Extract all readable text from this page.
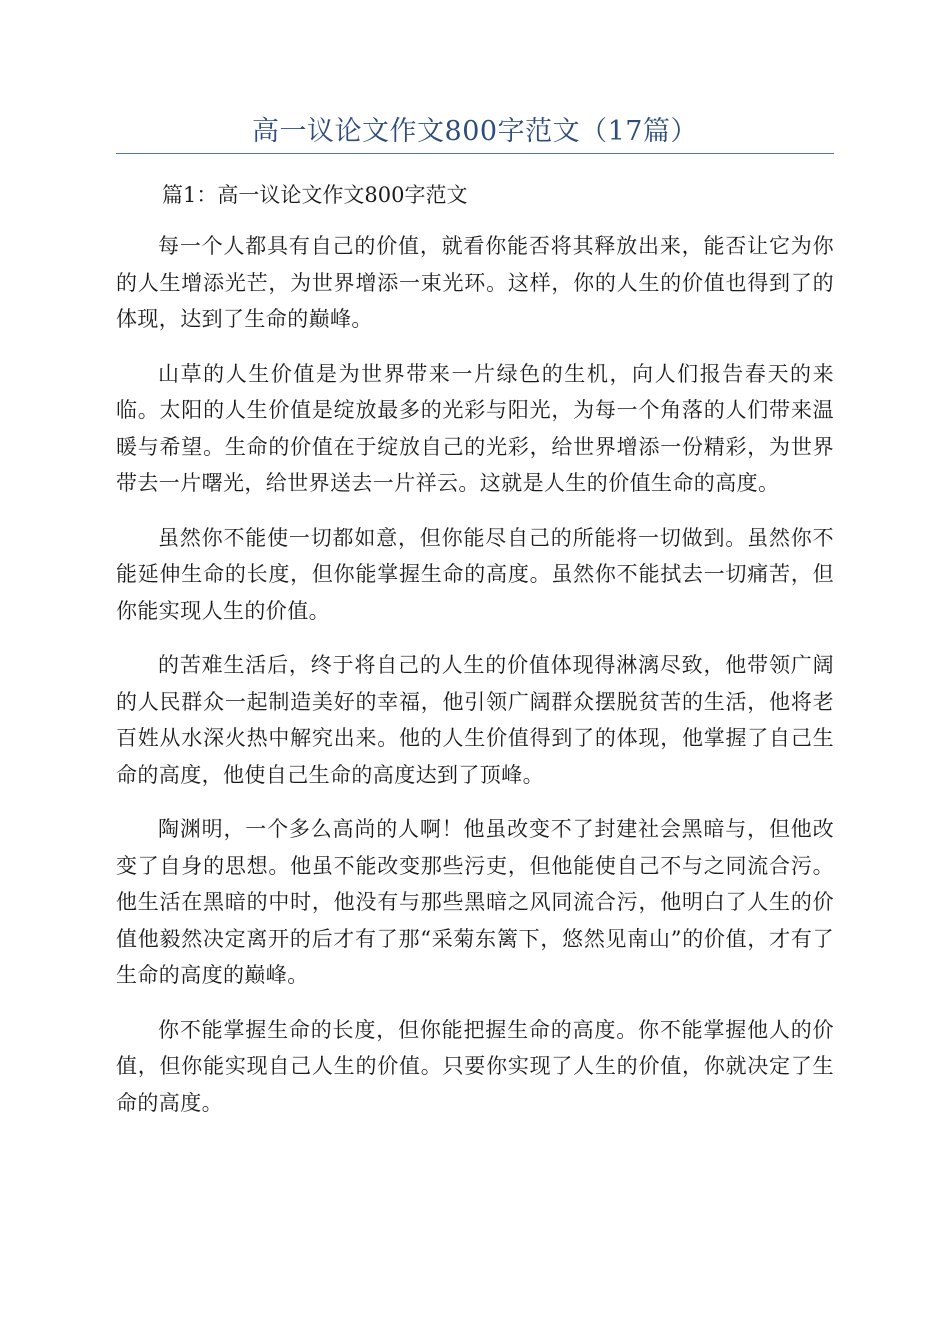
高一议论文作文800字范文（17篇）
篇1：高一议论文作文800字范文

每一个人都具有自己的价值，就看你能否将其释放出来，能否让它为你的人生增添光芒，为世界增添一束光环。这样，你的人生的价值也得到了的体现，达到了生命的巅峰。

山草的人生价值是为世界带来一片绿色的生机，向人们报告春天的来临。太阳的人生价值是绽放最多的光彩与阳光，为每一个角落的人们带来温暖与希望。生命的价值在于绽放自己的光彩，给世界增添一份精彩，为世界带去一片曙光，给世界送去一片祥云。这就是人生的价值生命的高度。

虽然你不能使一切都如意，但你能尽自己的所能将一切做到。虽然你不能延伸生命的长度，但你能掌握生命的高度。虽然你不能拭去一切痛苦，但你能实现人生的价值。

的苦难生活后，终于将自己的人生的价值体现得淋漓尽致，他带领广阔的人民群众一起制造美好的幸福，他引领广阔群众摆脱贫苦的生活，他将老百姓从水深火热中解究出来。他的人生价值得到了的体现，他掌握了自己生命的高度，他使自己生命的高度达到了顶峰。

陶渊明，一个多么高尚的人啊！他虽改变不了封建社会黑暗与，但他改变了自身的思想。他虽不能改变那些污吏，但他能使自己不与之同流合污。他生活在黑暗的中时，他没有与那些黑暗之风同流合污，他明白了人生的价值他毅然决定离开的后才有了那“采菊东篱下，悠然见南山”的价值，才有了生命的高度的巅峰。

你不能掌握生命的长度，但你能把握生命的高度。你不能掌握他人的价值，但你能实现自己人生的价值。只要你实现了人生的价值，你就决定了生命的高度。
